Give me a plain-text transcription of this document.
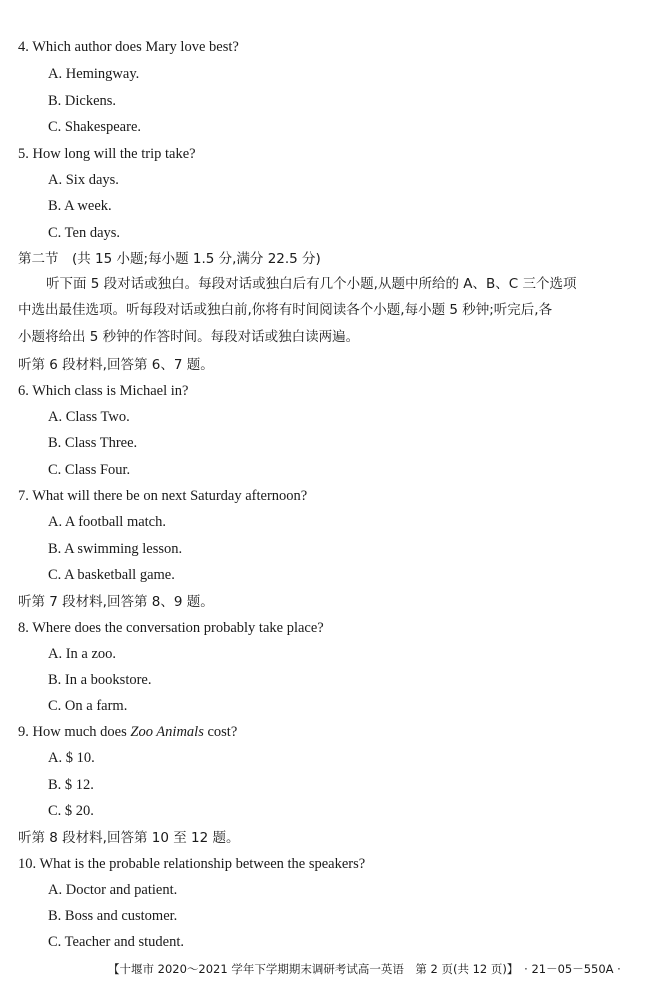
4. Which author does Mary love best?
A. Hemingway.
B. Dickens.
C. Shakespeare.
5. How long will the trip take?
A. Six days.
B. A week.
C. Ten days.
第二节　(共 15 小题;每小题 1.5 分,满分 22.5 分)

听下面 5 段对话或独白。每段对话或独白后有几个小题,从题中所给的 A、B、C 三个选项

中选出最佳选项。听每段对话或独白前,你将有时间阅读各个小题,每小题 5 秒钟;听完后,各

小题将给出 5 秒钟的作答时间。每段对话或独白读两遍。

听第 6 段材料,回答第 6、7 题。
6. Which class is Michael in?
A. Class Two.
B. Class Three.
C. Class Four.
7. What will there be on next Saturday afternoon?
A. A football match.
B. A swimming lesson.
C. A basketball game.
听第 7 段材料,回答第 8、9 题。
8. Where does the conversation probably take place?
A. In a zoo.
B. In a bookstore.
C. On a farm.
9. How much does Zoo Animals cost?
A. $ 10.
B. $ 12.
C. $ 20.
听第 8 段材料,回答第 10 至 12 题。
10. What is the probable relationship between the speakers?
A. Doctor and patient.
B. Boss and customer.
C. Teacher and student.
【十堰市 2020～2021 学年下学期期末调研考试高一英语　第 2 页(共 12 页)】　· 21－05－550A ·
